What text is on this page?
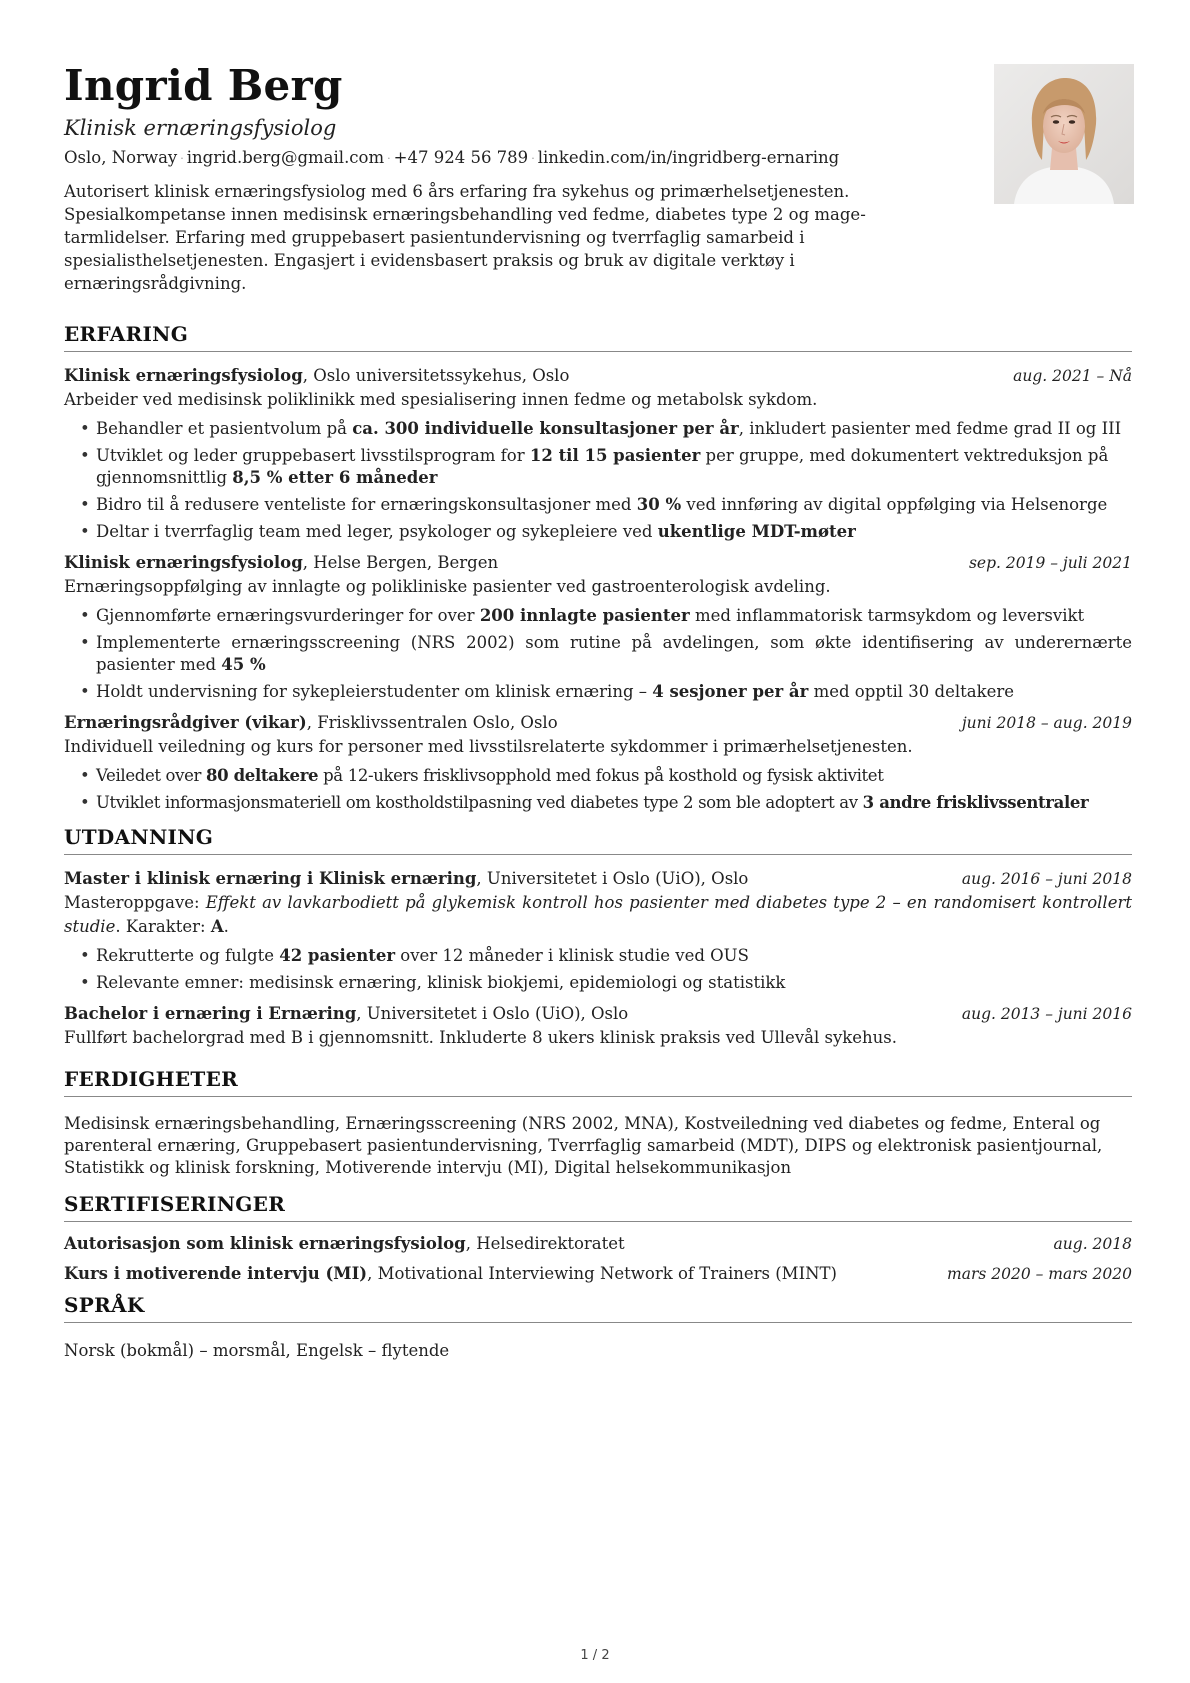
Ingrid Berg
Klinisk ernæringsfysiolog
Oslo, Norway · ingrid.berg@gmail.com · +47 924 56 789 · linkedin.com/in/ingridberg-ernaring
Autorisert klinisk ernæringsfysiolog med 6 års erfaring fra sykehus og primærhelsetjenesten. Spesialkompetanse innen medisinsk ernæringsbehandling ved fedme, diabetes type 2 og mage-tarmlidelser. Erfaring med gruppebasert pasientundervisning og tverrfaglig samarbeid i spesialisthelsetjenesten. Engasjert i evidensbasert praksis og bruk av digitale verktøy i ernæringsrådgivning.
ERFARING
Klinisk ernæringsfysiolog, Oslo universitetssykehus, Oslo	aug. 2021 – Nå
Arbeider ved medisinsk poliklinikk med spesialisering innen fedme og metabolsk sykdom.
• Behandler et pasientvolum på ca. 300 individuelle konsultasjoner per år, inkludert pasienter med fedme grad II og III
• Utviklet og leder gruppebasert livsstilsprogram for 12 til 15 pasienter per gruppe, med dokumentert vektreduksjon på gjennomsnittlig 8,5 % etter 6 måneder
• Bidro til å redusere venteliste for ernæringskonsultasjoner med 30 % ved innføring av digital oppfølging via Helsenorge
• Deltar i tverrfaglig team med leger, psykologer og sykepleiere ved ukentlige MDT-møter
Klinisk ernæringsfysiolog, Helse Bergen, Bergen	sep. 2019 – juli 2021
Ernæringsoppfølging av innlagte og polikliniske pasienter ved gastroenterologisk avdeling.
• Gjennomførte ernæringsvurderinger for over 200 innlagte pasienter med inflammatorisk tarmsykdom og leversvikt
• Implementerte ernæringsscreening (NRS 2002) som rutine på avdelingen, som økte identifisering av underernærte pasienter med 45 %
• Holdt undervisning for sykepleierstudenter om klinisk ernæring – 4 sesjoner per år med opptil 30 deltakere
Ernæringsrådgiver (vikar), Frisklivssentralen Oslo, Oslo	juni 2018 – aug. 2019
Individuell veiledning og kurs for personer med livsstilsrelaterte sykdommer i primærhelsetjenesten.
• Veiledet over 80 deltakere på 12-ukers frisklivsopphold med fokus på kosthold og fysisk aktivitet
• Utviklet informasjonsmateriell om kostholdstilpasning ved diabetes type 2 som ble adoptert av 3 andre frisklivssentraler
UTDANNING
Master i klinisk ernæring i Klinisk ernæring, Universitetet i Oslo (UiO), Oslo	aug. 2016 – juni 2018
Masteroppgave: Effekt av lavkarbodiett på glykemisk kontroll hos pasienter med diabetes type 2 – en randomisert kontrollert studie. Karakter: A.
• Rekrutterte og fulgte 42 pasienter over 12 måneder i klinisk studie ved OUS
• Relevante emner: medisinsk ernæring, klinisk biokjemi, epidemiologi og statistikk
Bachelor i ernæring i Ernæring, Universitetet i Oslo (UiO), Oslo	aug. 2013 – juni 2016
Fullført bachelorgrad med B i gjennomsnitt. Inkluderte 8 ukers klinisk praksis ved Ullevål sykehus.
FERDIGHETER
Medisinsk ernæringsbehandling, Ernæringsscreening (NRS 2002, MNA), Kostveiledning ved diabetes og fedme, Enteral og parenteral ernæring, Gruppebasert pasientundervisning, Tverrfaglig samarbeid (MDT), DIPS og elektronisk pasientjournal, Statistikk og klinisk forskning, Motiverende intervju (MI), Digital helsekommunikasjon
SERTIFISERINGER
Autorisasjon som klinisk ernæringsfysiolog, Helsedirektoratet	aug. 2018
Kurs i motiverende intervju (MI), Motivational Interviewing Network of Trainers (MINT)	mars 2020 – mars 2020
SPRÅK
Norsk (bokmål) – morsmål, Engelsk – flytende
1 / 2
